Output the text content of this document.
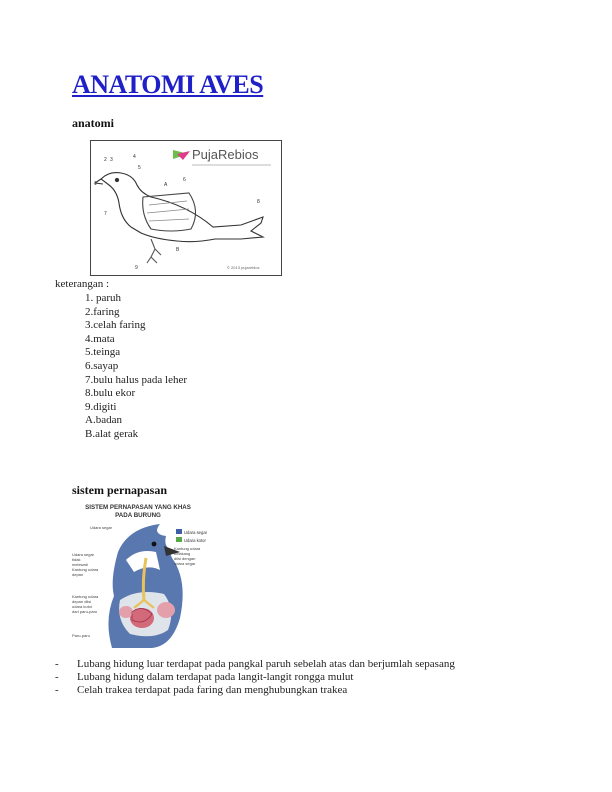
ANATOMI AVES
anatomi
PujaRebios
2 3	4
5
1
6
A
7
8
B
9	© 2013 pujarebios
keterangan :
1. paruh
2.faring
3.celah faring
4.mata
5.teinga
6.sayap
7.bulu halus pada leher
8.bulu ekor
9.digiti
A.badan
B.alat gerak
sistem pernapasan
SISTEM PERNAPASAN YANG KHAS
PADA BURUNG
Udara segar
Udara kotor
Udara segar
Udara segar
tidak
melewati
Kantung udara
depan
Kantung udara
depan diisi
udara kotor
dari paru-paru
Kantung udara
belakang
diisi dengan
udara segar
Paru-paru
- Lubang hidung luar terdapat pada pangkal paruh sebelah atas dan berjumlah sepasang
- Lubang hidung dalam terdapat pada langit-langit rongga mulut
- Celah trakea terdapat pada faring dan menghubungkan trakea
